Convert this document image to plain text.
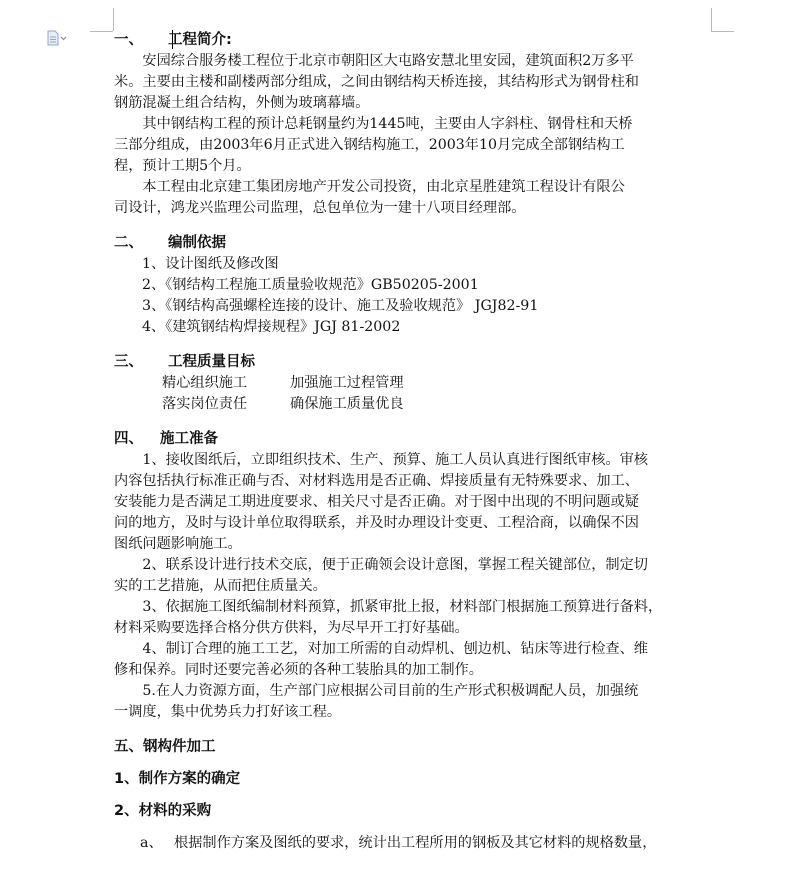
一、 工程简介:

安园综合服务楼工程位于北京市朝阳区大屯路安慧北里安园，建筑面积2万多平

米。主要由主楼和副楼两部分组成，之间由钢结构天桥连接，其结构形式为钢骨柱和

钢筋混凝土组合结构，外侧为玻璃幕墙。

其中钢结构工程的预计总耗钢量约为1445吨，主要由人字斜柱、钢骨柱和天桥

三部分组成，由2003年6月正式进入钢结构施工，2003年10月完成全部钢结构工

程，预计工期5个月。

本工程由北京建工集团房地产开发公司投资，由北京星胜建筑工程设计有限公

司设计，鸿龙兴监理公司监理，总包单位为一建十八项目经理部。

二、 编制依据

1、设计图纸及修改图

2、《钢结构工程施工质量验收规范》GB50205-2001

3、《钢结构高强螺栓连接的设计、施工及验收规范》 JGJ82-91

4、《建筑钢结构焊接规程》JGJ 81-2002

三、 工程质量目标

精心组织施工	加强施工过程管理

落实岗位责任	确保施工质量优良

四、 施工准备

1、接收图纸后，立即组织技术、生产、预算、施工人员认真进行图纸审核。审核

内容包括执行标准正确与否、对材料选用是否正确、焊接质量有无特殊要求、加工、

安装能力是否满足工期进度要求、相关尺寸是否正确。对于图中出现的不明问题或疑

问的地方，及时与设计单位取得联系，并及时办理设计变更、工程洽商，以确保不因

图纸问题影响施工。

2、联系设计进行技术交底，便于正确领会设计意图，掌握工程关键部位，制定切

实的工艺措施，从而把住质量关。

3、依据施工图纸编制材料预算，抓紧审批上报，材料部门根据施工预算进行备料，

材料采购要选择合格分供方供料，为尽早开工打好基础。

4、制订合理的施工工艺，对加工所需的自动焊机、刨边机、钻床等进行检查、维

修和保养。同时还要完善必须的各种工装胎具的加工制作。

5.在人力资源方面，生产部门应根据公司目前的生产形式积极调配人员，加强统

一调度，集中优势兵力打好该工程。

五、钢构件加工

1、制作方案的确定

2、材料的采购

a、 根据制作方案及图纸的要求，统计出工程所用的钢板及其它材料的规格数量，
